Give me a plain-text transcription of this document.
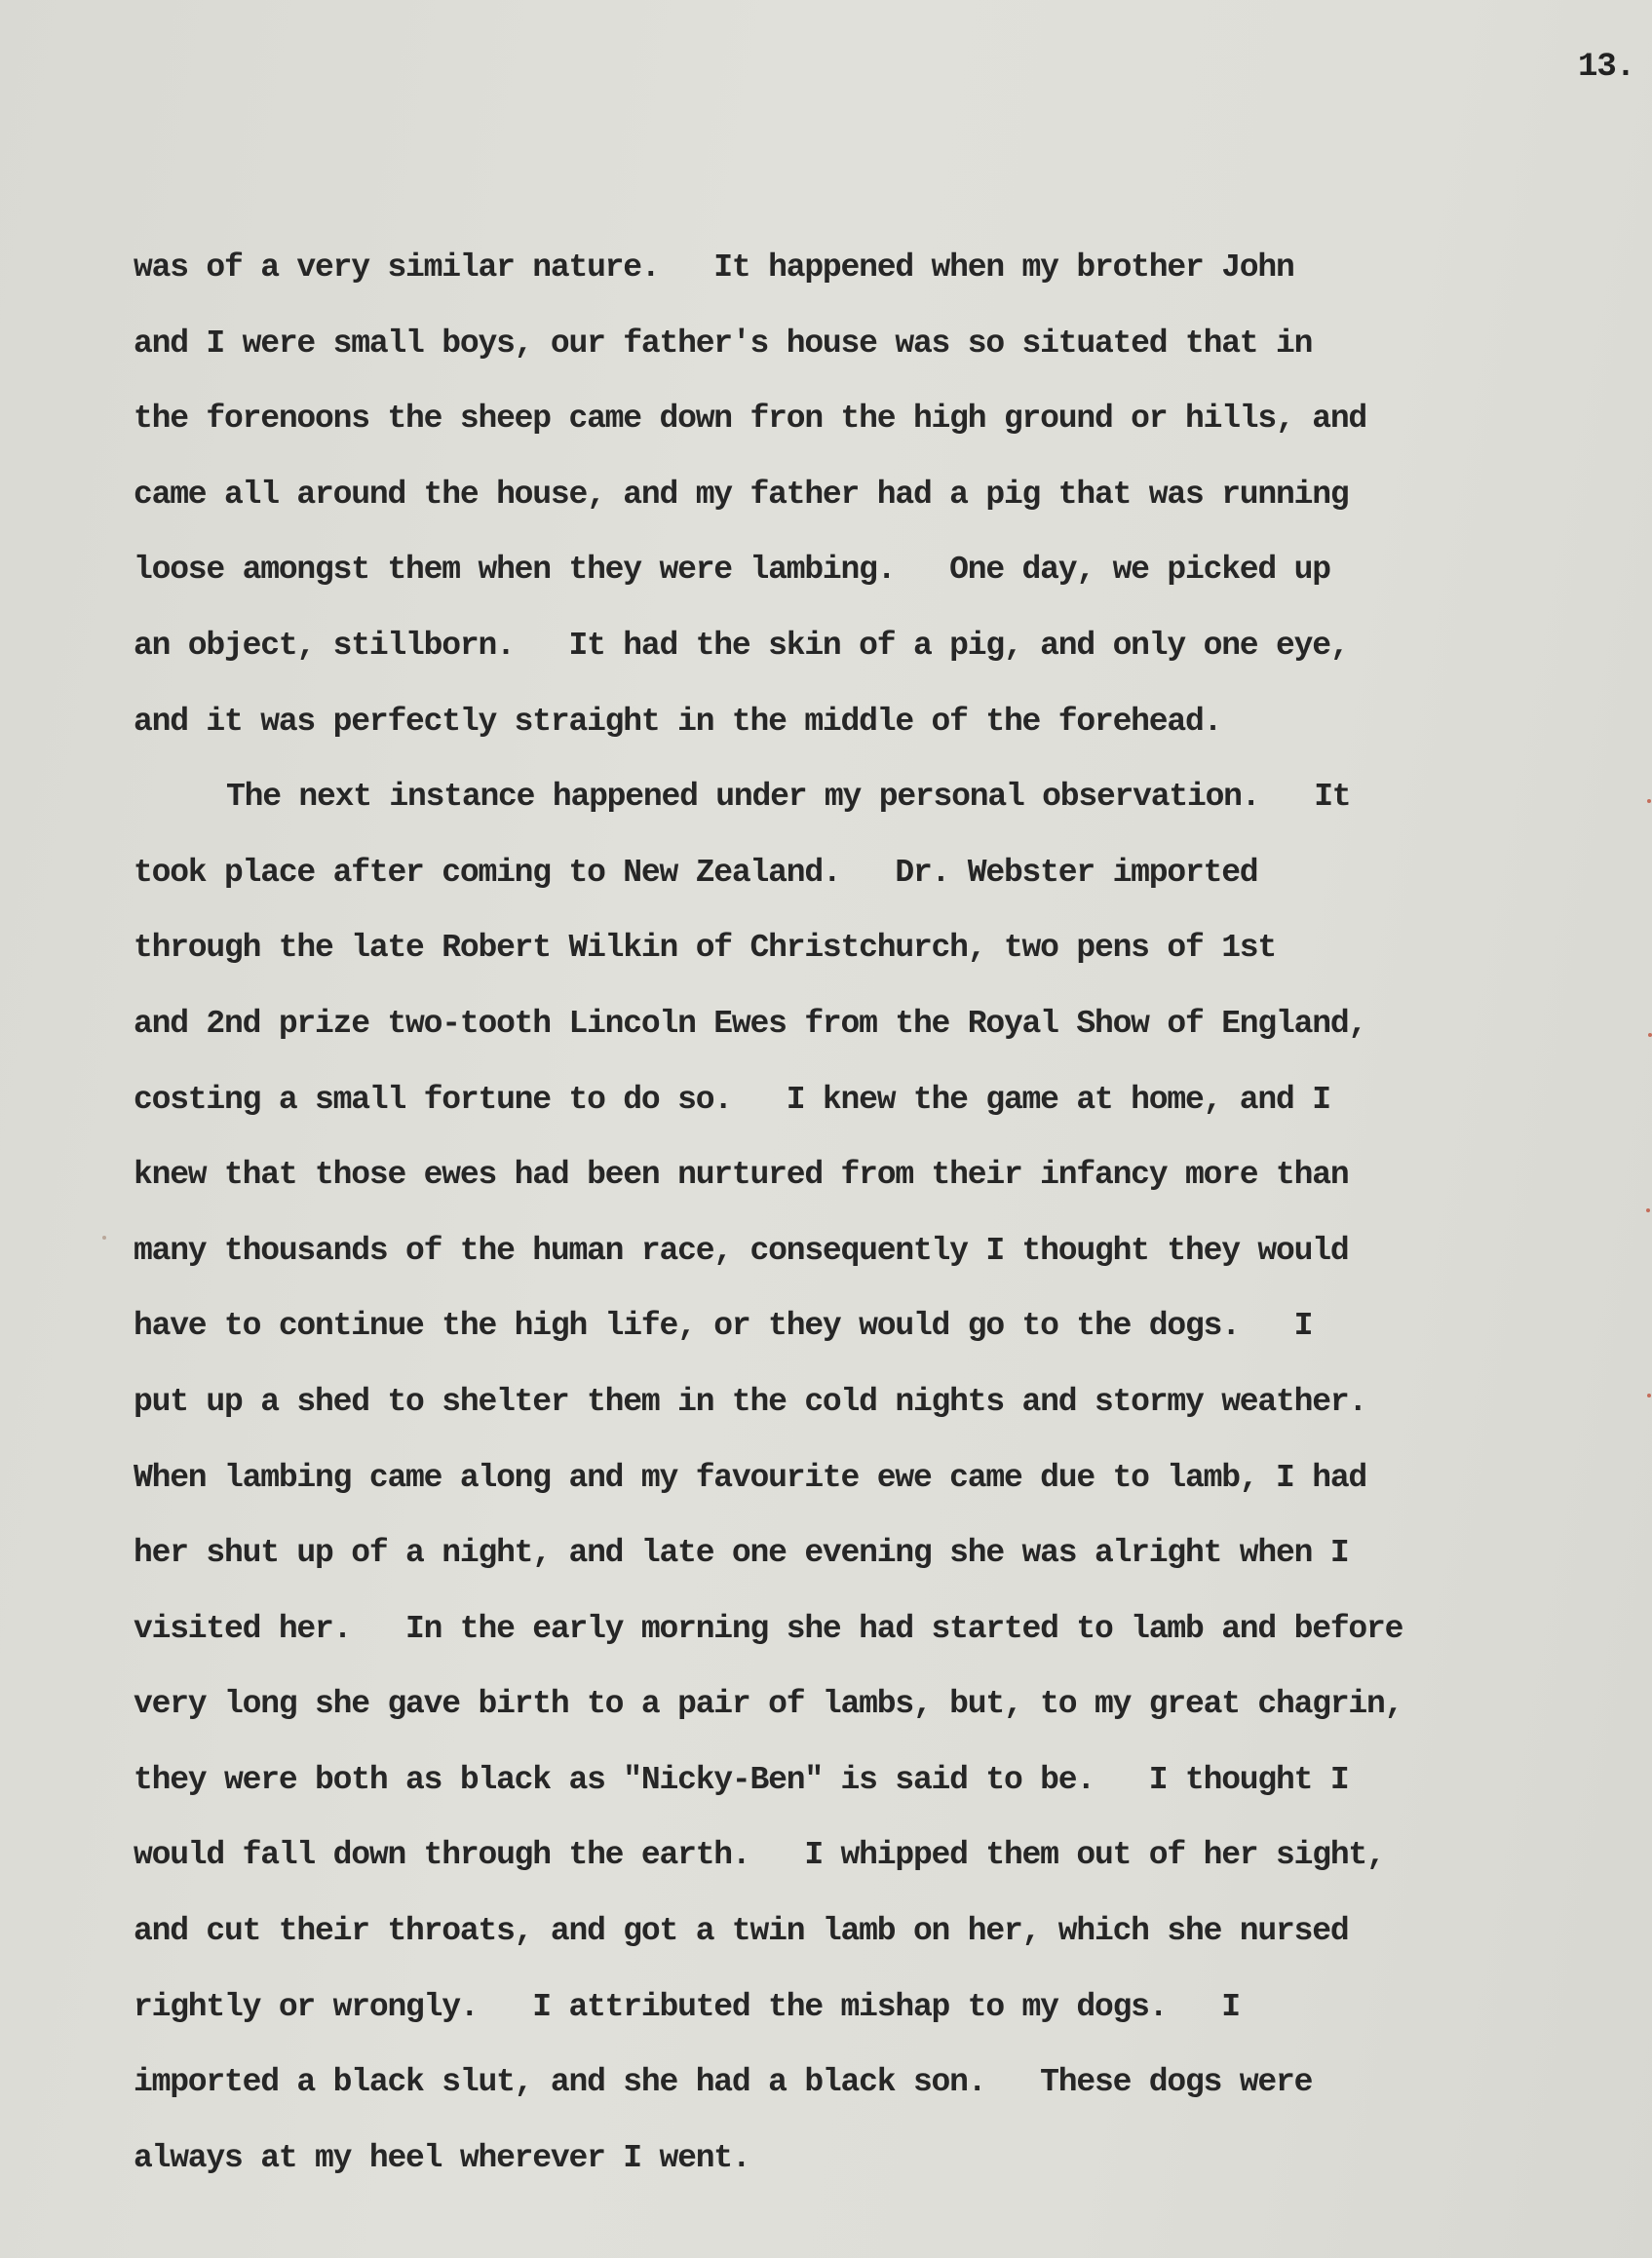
13.
was of a very similar nature.   It happened when my brother John
and I were small boys, our father's house was so situated that in
the forenoons the sheep came down fron the high ground or hills, and
came all around the house, and my father had a pig that was running
loose amongst them when they were lambing.   One day, we picked up
an object, stillborn.   It had the skin of a pig, and only one eye,
and it was perfectly straight in the middle of the forehead.
The next instance happened under my personal observation.   It
took place after coming to New Zealand.   Dr. Webster imported
through the late Robert Wilkin of Christchurch, two pens of 1st
and 2nd prize two-tooth Lincoln Ewes from the Royal Show of England,
costing a small fortune to do so.   I knew the game at home, and I
knew that those ewes had been nurtured from their infancy more than
many thousands of the human race, consequently I thought they would
have to continue the high life, or they would go to the dogs.   I
put up a shed to shelter them in the cold nights and stormy weather.
When lambing came along and my favourite ewe came due to lamb, I had
her shut up of a night, and late one evening she was alright when I
visited her.   In the early morning she had started to lamb and before
very long she gave birth to a pair of lambs, but, to my great chagrin,
they were both as black as "Nicky-Ben" is said to be.   I thought I
would fall down through the earth.   I whipped them out of her sight,
and cut their throats, and got a twin lamb on her, which she nursed
rightly or wrongly.   I attributed the mishap to my dogs.   I
imported a black slut, and she had a black son.   These dogs were
always at my heel wherever I went.
